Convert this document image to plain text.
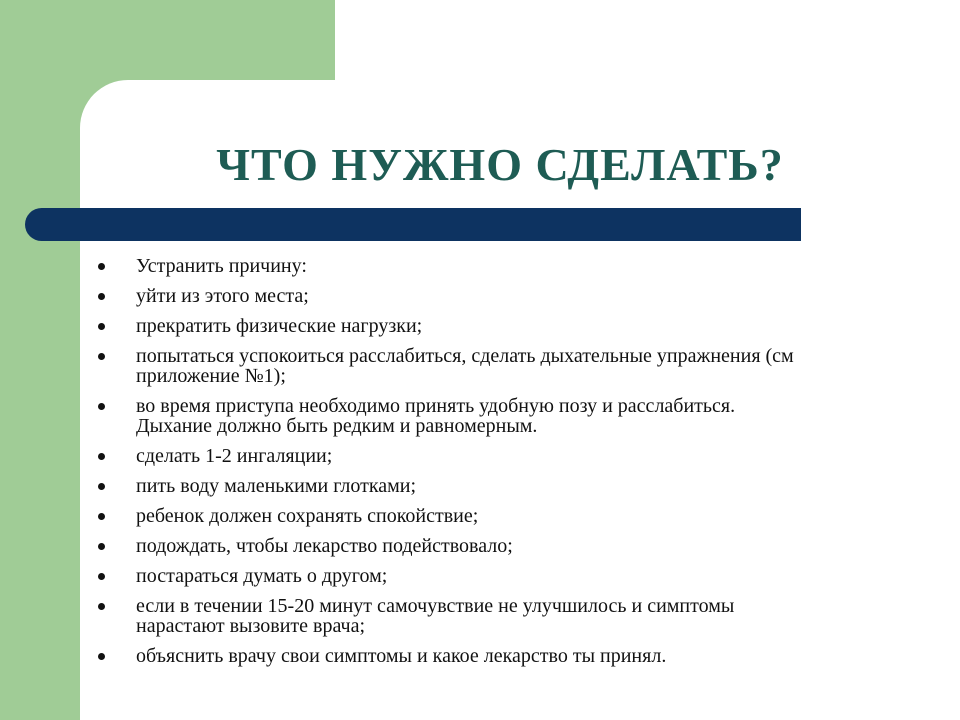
ЧТО НУЖНО СДЕЛАТЬ?
Устранить причину:
уйти из этого места;
прекратить физические нагрузки;
попытаться успокоиться расслабиться, сделать дыхательные упражнения (см
приложение №1);
во время приступа необходимо принять удобную позу и расслабиться.
Дыхание должно быть редким и равномерным.
сделать 1-2 ингаляции;
пить воду маленькими глотками;
ребенок должен сохранять спокойствие;
подождать, чтобы лекарство подействовало;
постараться думать о другом;
если в течении 15-20 минут самочувствие не улучшилось и симптомы
нарастают вызовите врача;
объяснить врачу свои симптомы и какое лекарство ты принял.
